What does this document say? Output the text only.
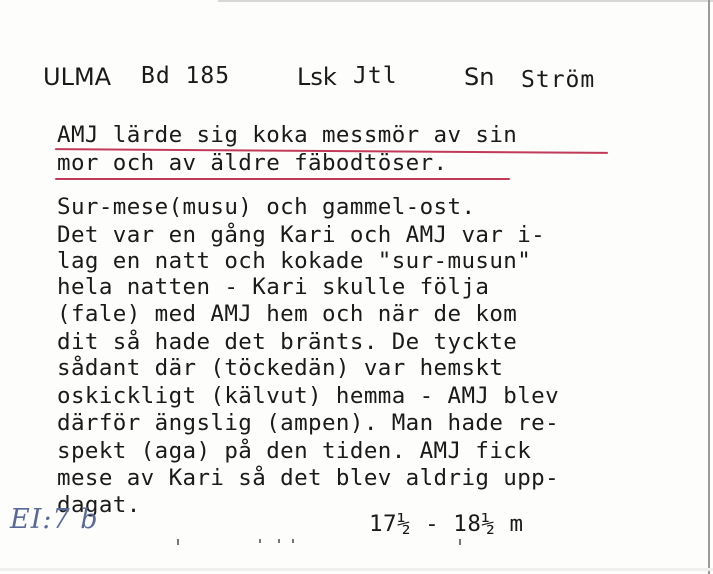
ULMA Bd 185	Lsk Jtl	Sn Ström
AMJ lärde sig koka messmör av sin
mor och av äldre fäbodtöser.
Sur-mese(musu) och gammel-ost.
Det var en gång Kari och AMJ var i-
lag en natt och kokade "sur-musun"
hela natten - Kari skulle följa
(fale) med AMJ hem och när de kom
dit så hade det bränts. De tyckte
sådant där (töckedän) var hemskt
oskickligt (kälvut) hemma - AMJ blev
därför ängslig (ampen). Man hade re-
spekt (aga) på den tiden. AMJ fick
mese av Kari så det blev aldrig upp-
dagat.
EI:7 b	17½ - 18½ m
